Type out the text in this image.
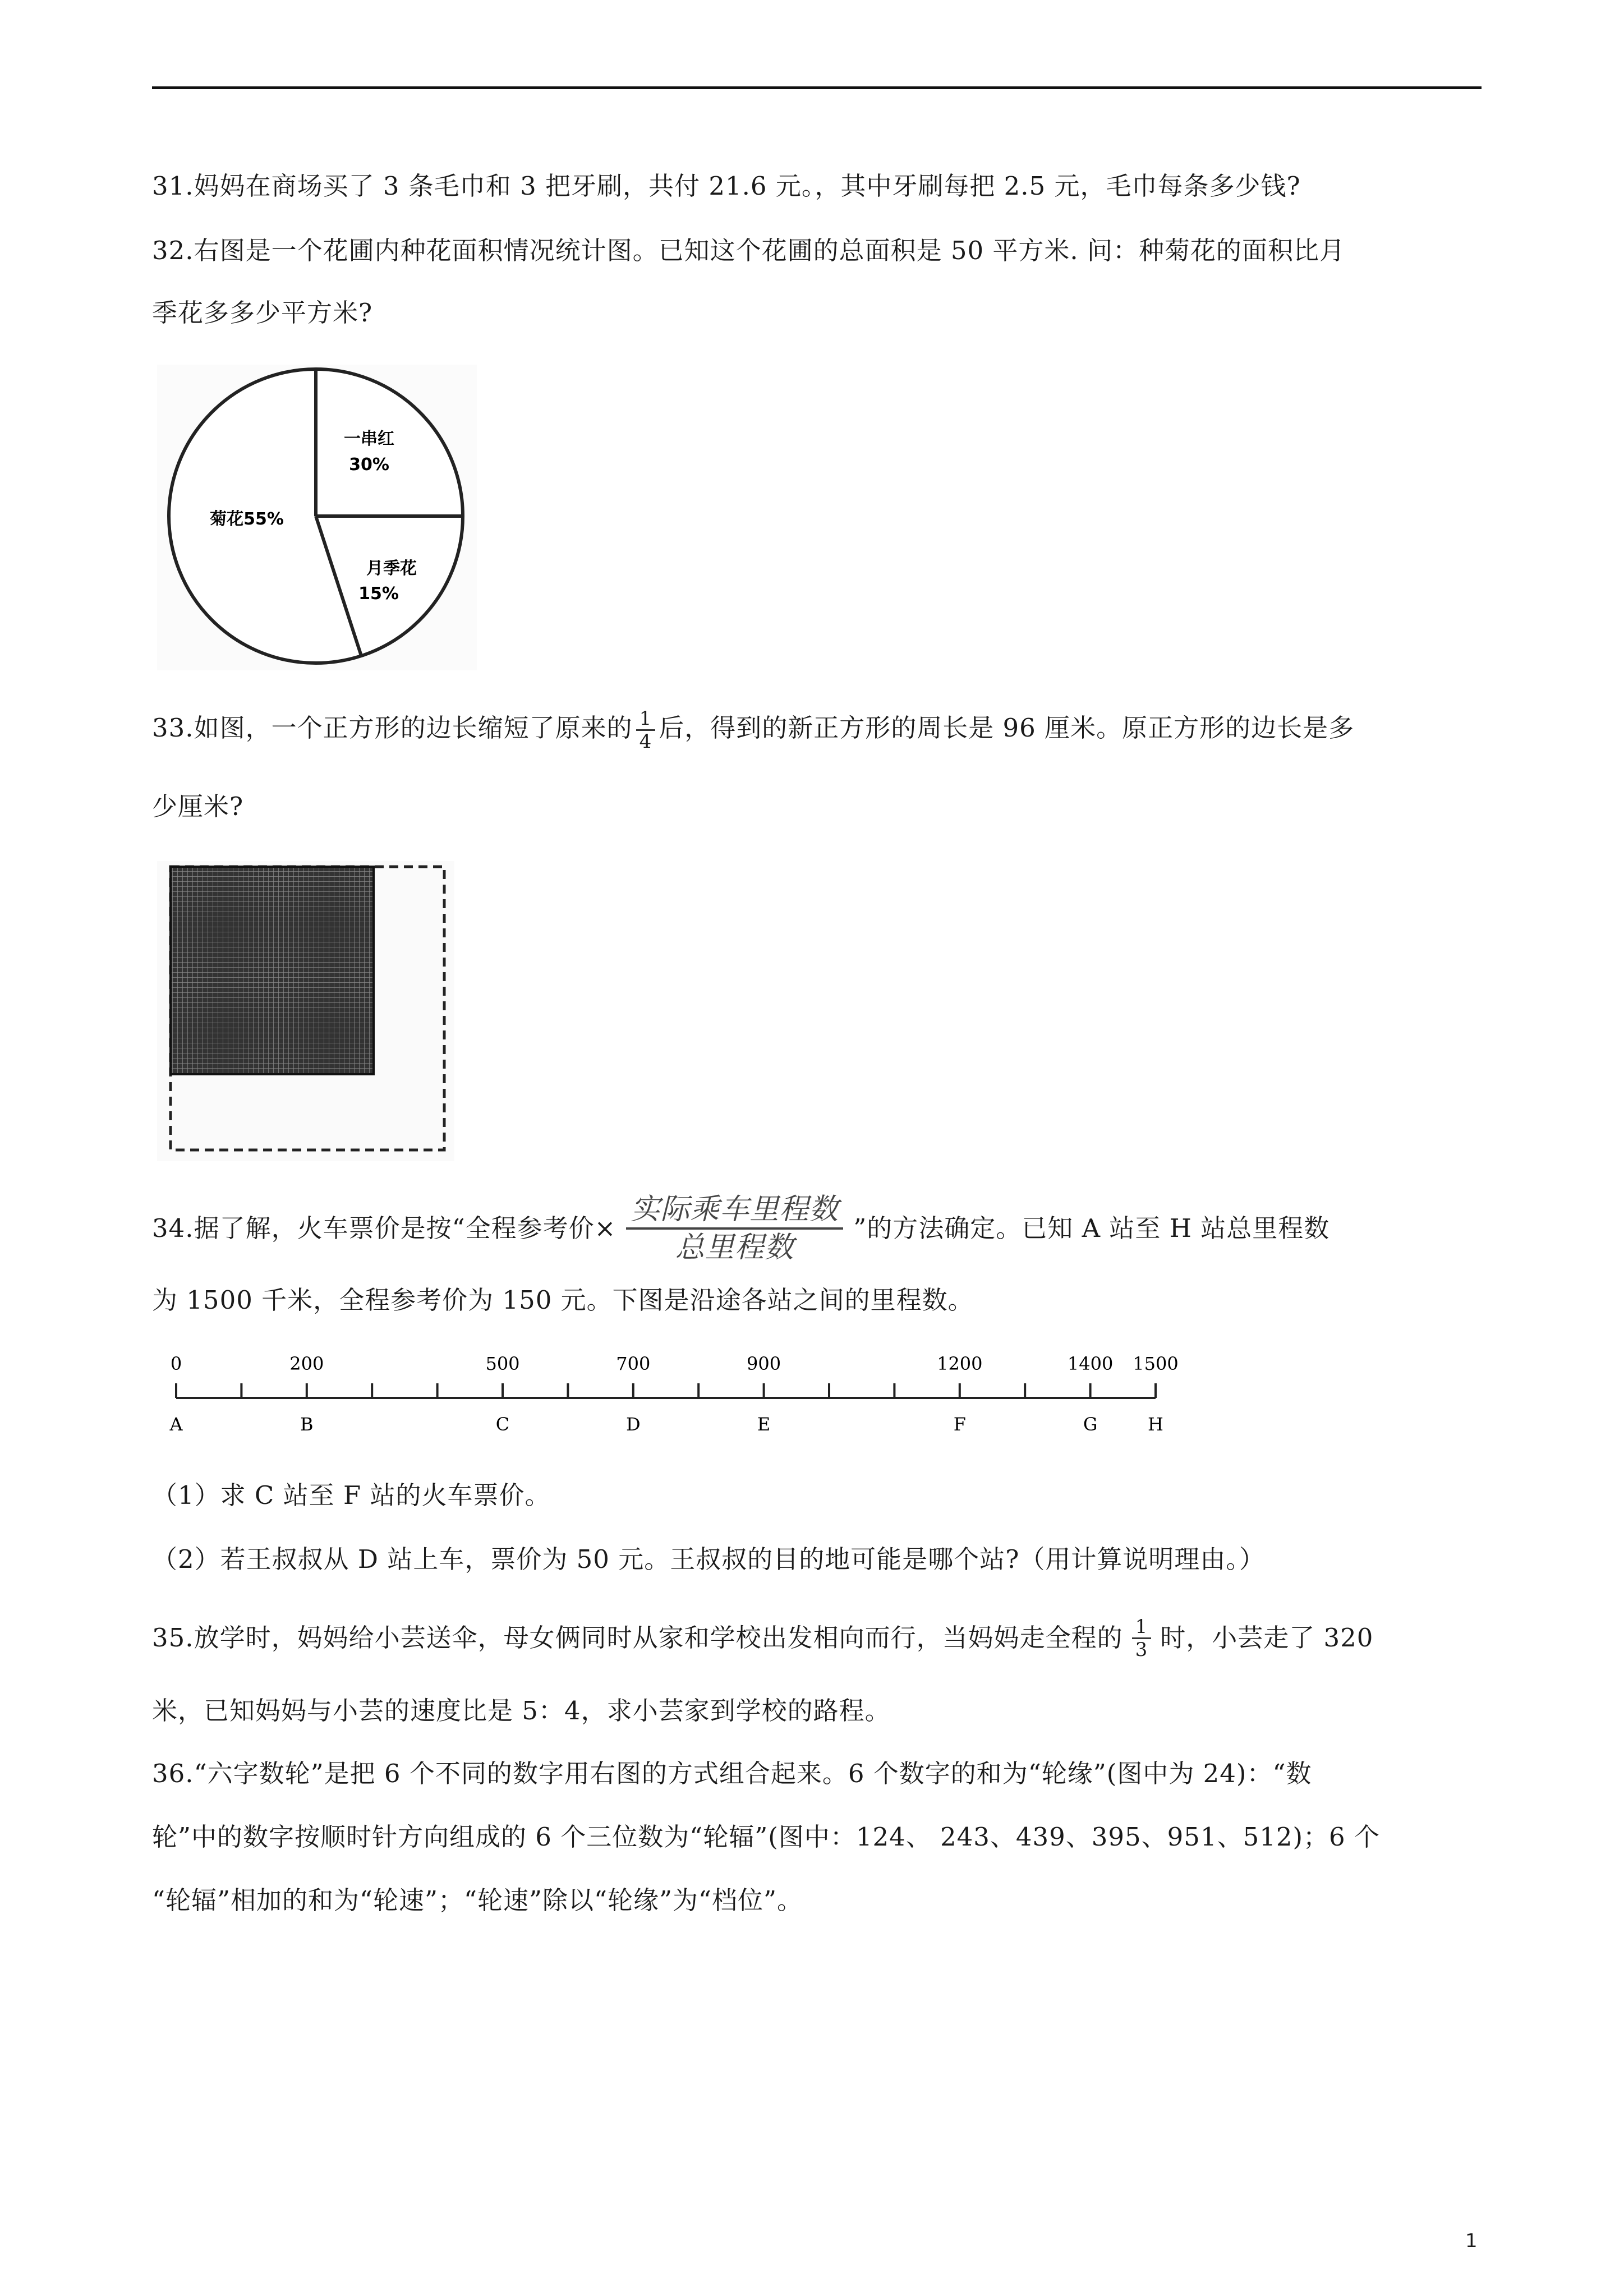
31.妈妈在商场买了 3 条毛巾和 3 把牙刷，共付 21.6 元。，其中牙刷每把 2.5 元，毛巾每条多少钱?
32.右图是一个花圃内种花面积情况统计图。已知这个花圃的总面积是 50 平方米. 问：种菊花的面积比月
季花多多少平方米?
一串红
30%
月季花
15%
菊花55%
33.如图，一个正方形的边长缩短了原来的 $\frac{1}{4}$ 后，得到的新正方形的周长是 96 厘米。原正方形的边长是多
少厘米?
34.据了解，火车票价是按“全程参考价× $\frac{\text{实际乘车里程数}}{\text{总里程数}}$ ”的方法确定。已知 A 站至 H 站总里程数
为 1500 千米，全程参考价为 150 元。下图是沿途各站之间的里程数。
0	200	500	700	900	1200	1400 1500
A	B	C	D	E	F	G	H
（1）求 C 站至 F 站的火车票价。
（2）若王叔叔从 D 站上车，票价为 50 元。王叔叔的目的地可能是哪个站?（用计算说明理由。）
35.放学时，妈妈给小芸送伞，母女俩同时从家和学校出发相向而行，当妈妈走全程的 $\frac{1}{3}$ 时，小芸走了 320
米，已知妈妈与小芸的速度比是 5：4，求小芸家到学校的路程。
36.“六字数轮”是把 6 个不同的数字用右图的方式组合起来。6 个数字的和为“轮缘”(图中为 24)：“数
轮”中的数字按顺时针方向组成的 6 个三位数为“轮辐”(图中：124、 243、439、395、951、512)；6 个
“轮辐”相加的和为“轮速”；“轮速”除以“轮缘”为“档位”。
1
